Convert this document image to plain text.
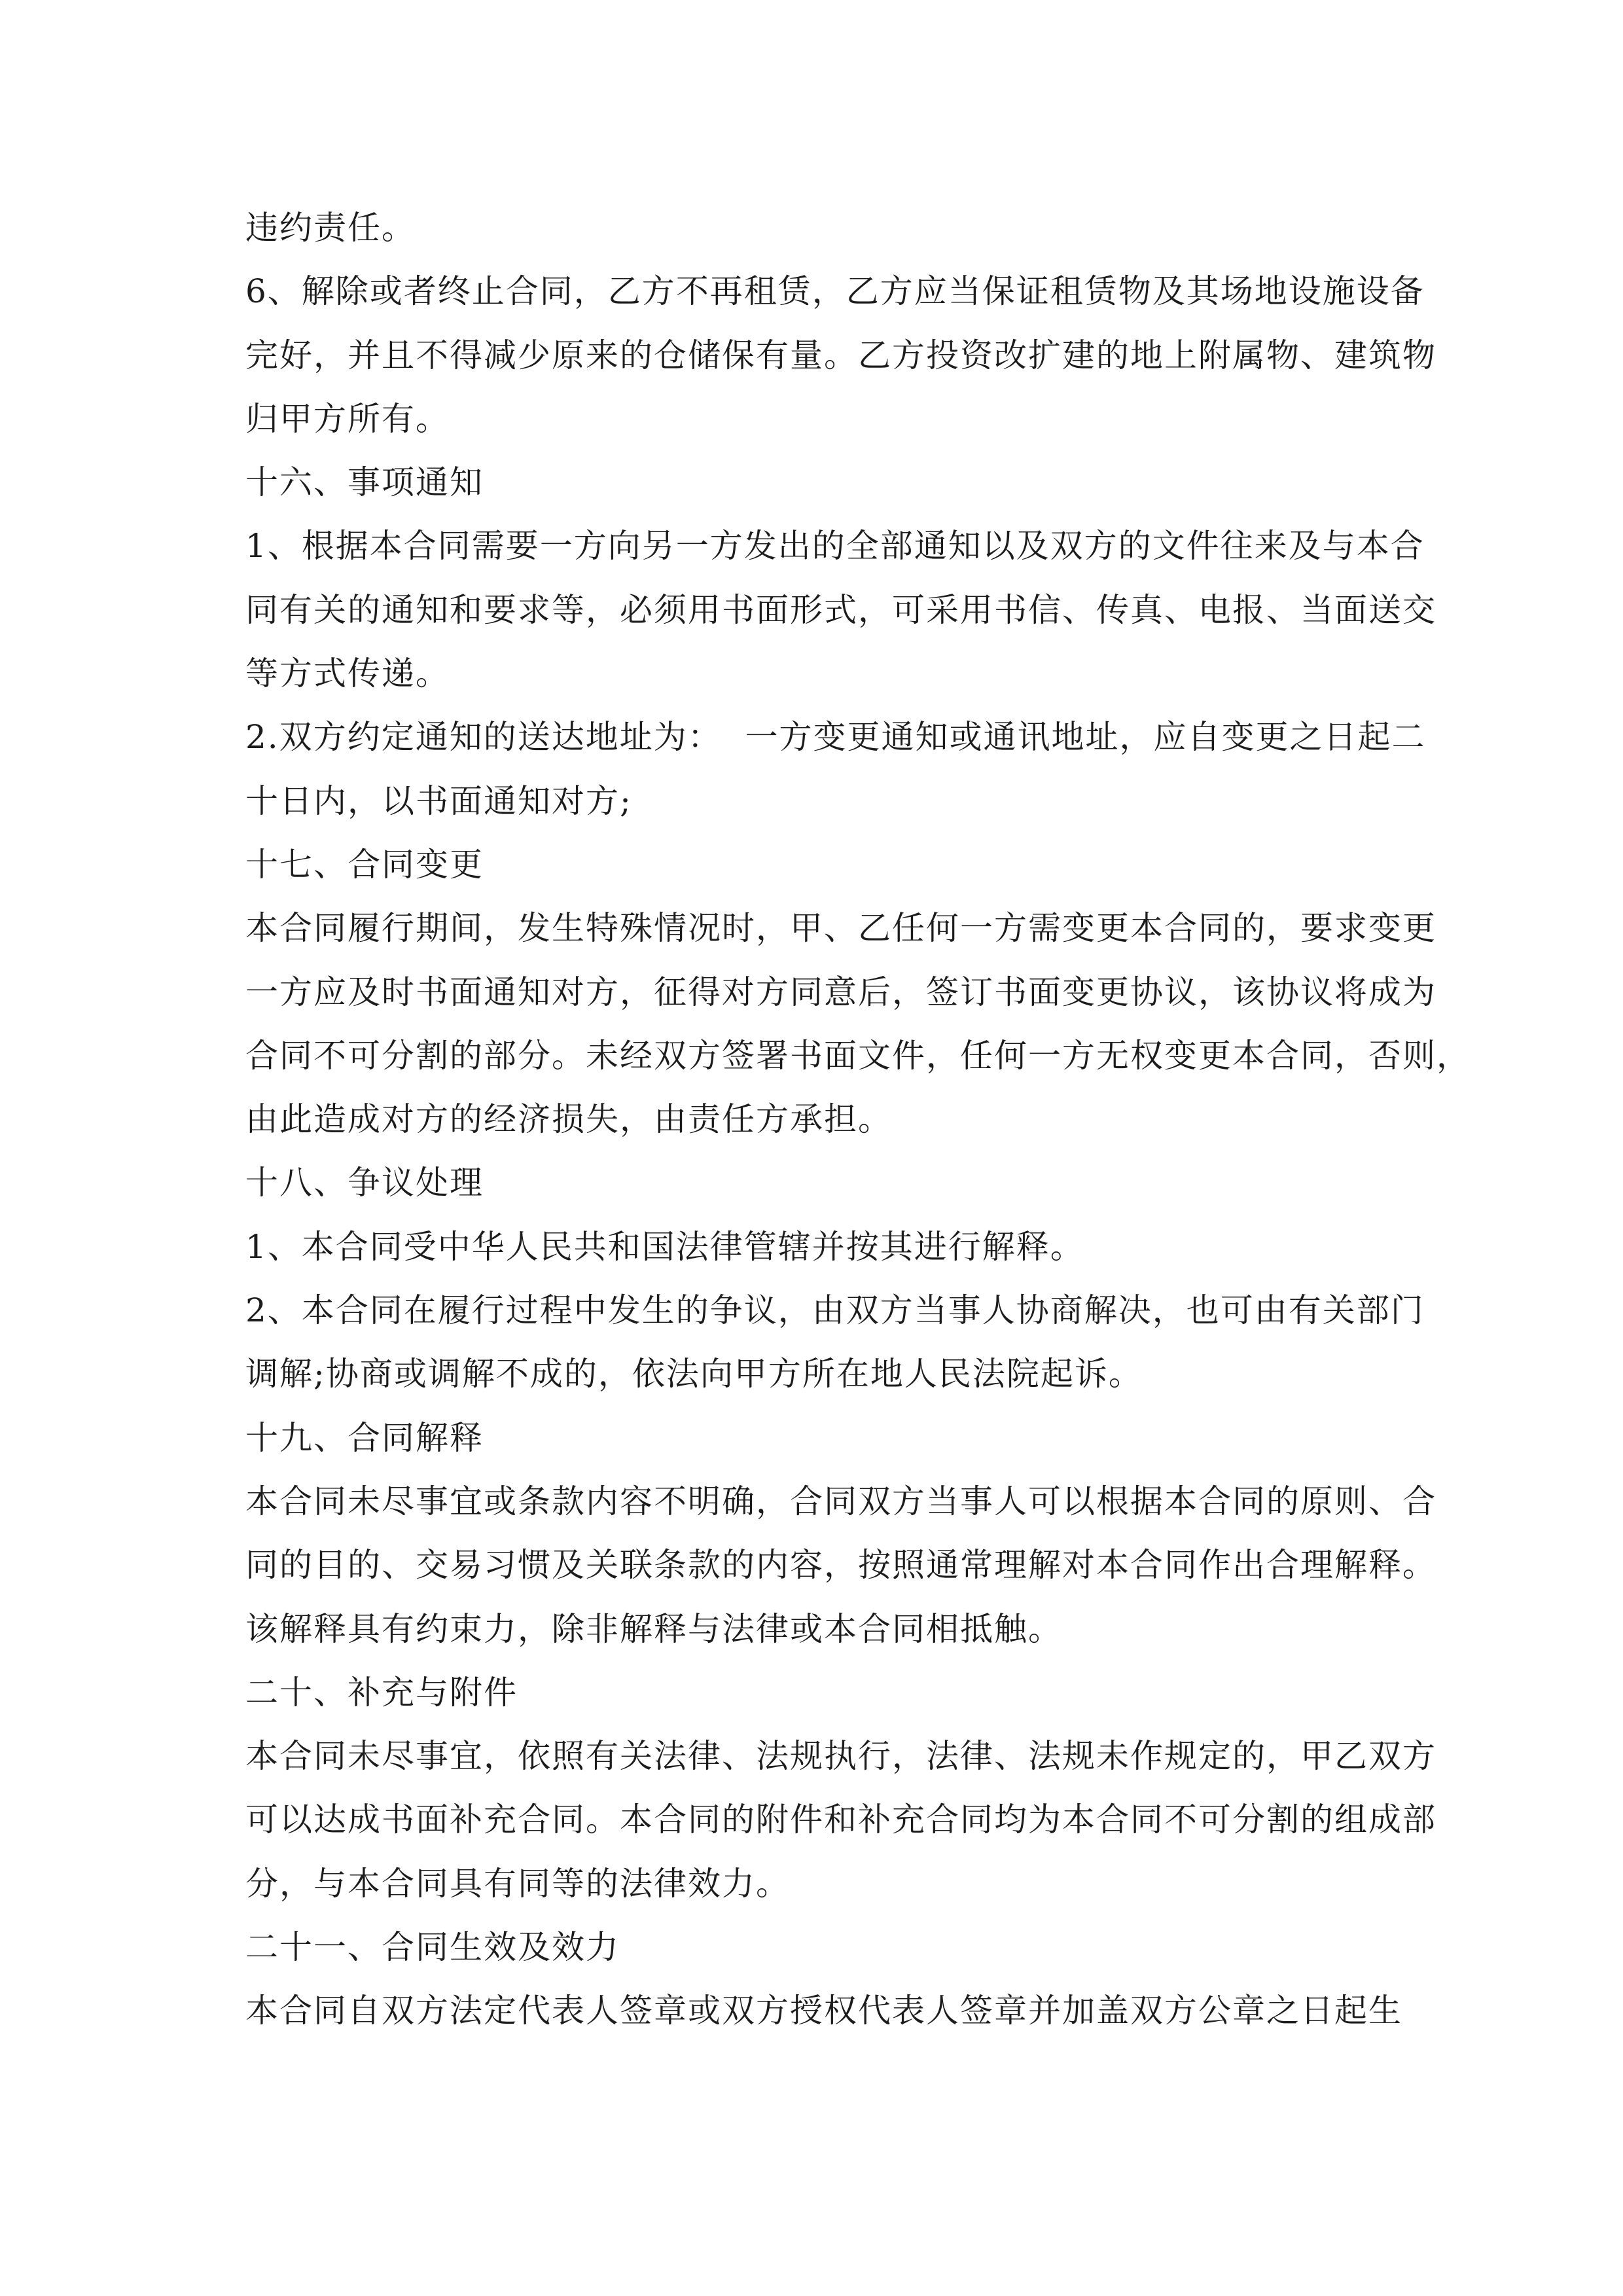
违约责任。
6、解除或者终止合同，乙方不再租赁，乙方应当保证租赁物及其场地设施设备
完好，并且不得减少原来的仓储保有量。乙方投资改扩建的地上附属物、建筑物
归甲方所有。
十六、事项通知
1、根据本合同需要一方向另一方发出的全部通知以及双方的文件往来及与本合
同有关的通知和要求等，必须用书面形式，可采用书信、传真、电报、当面送交
等方式传递。
2.双方约定通知的送达地址为：  一方变更通知或通讯地址，应自变更之日起二
十日内，以书面通知对方;
十七、合同变更
本合同履行期间，发生特殊情况时，甲、乙任何一方需变更本合同的，要求变更
一方应及时书面通知对方，征得对方同意后，签订书面变更协议，该协议将成为
合同不可分割的部分。未经双方签署书面文件，任何一方无权变更本合同，否则，
由此造成对方的经济损失，由责任方承担。
十八、争议处理
1、本合同受中华人民共和国法律管辖并按其进行解释。
2、本合同在履行过程中发生的争议，由双方当事人协商解决，也可由有关部门
调解;协商或调解不成的，依法向甲方所在地人民法院起诉。
十九、合同解释
本合同未尽事宜或条款内容不明确，合同双方当事人可以根据本合同的原则、合
同的目的、交易习惯及关联条款的内容，按照通常理解对本合同作出合理解释。
该解释具有约束力，除非解释与法律或本合同相抵触。
二十、补充与附件
本合同未尽事宜，依照有关法律、法规执行，法律、法规未作规定的，甲乙双方
可以达成书面补充合同。本合同的附件和补充合同均为本合同不可分割的组成部
分，与本合同具有同等的法律效力。
二十一、合同生效及效力
本合同自双方法定代表人签章或双方授权代表人签章并加盖双方公章之日起生
